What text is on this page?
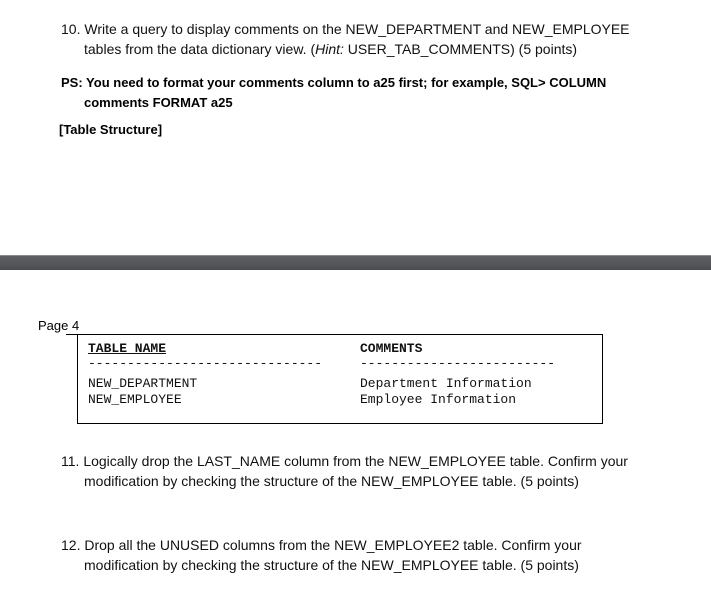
10. Write a query to display comments on the NEW_DEPARTMENT and NEW_EMPLOYEE
tables from the data dictionary view. (Hint: USER_TAB_COMMENTS) (5 points)
PS: You need to format your comments column to a25 first; for example, SQL> COLUMN
comments FORMAT a25
[Table Structure]
Page 4
TABLE_NAME	COMMENTS
------------------------------	-------------------------
NEW_DEPARTMENT	Department Information
NEW_EMPLOYEE	Employee Information
11. Logically drop the LAST_NAME column from the NEW_EMPLOYEE table. Confirm your
modification by checking the structure of the NEW_EMPLOYEE table. (5 points)
12. Drop all the UNUSED columns from the NEW_EMPLOYEE2 table. Confirm your
modification by checking the structure of the NEW_EMPLOYEE table. (5 points)
